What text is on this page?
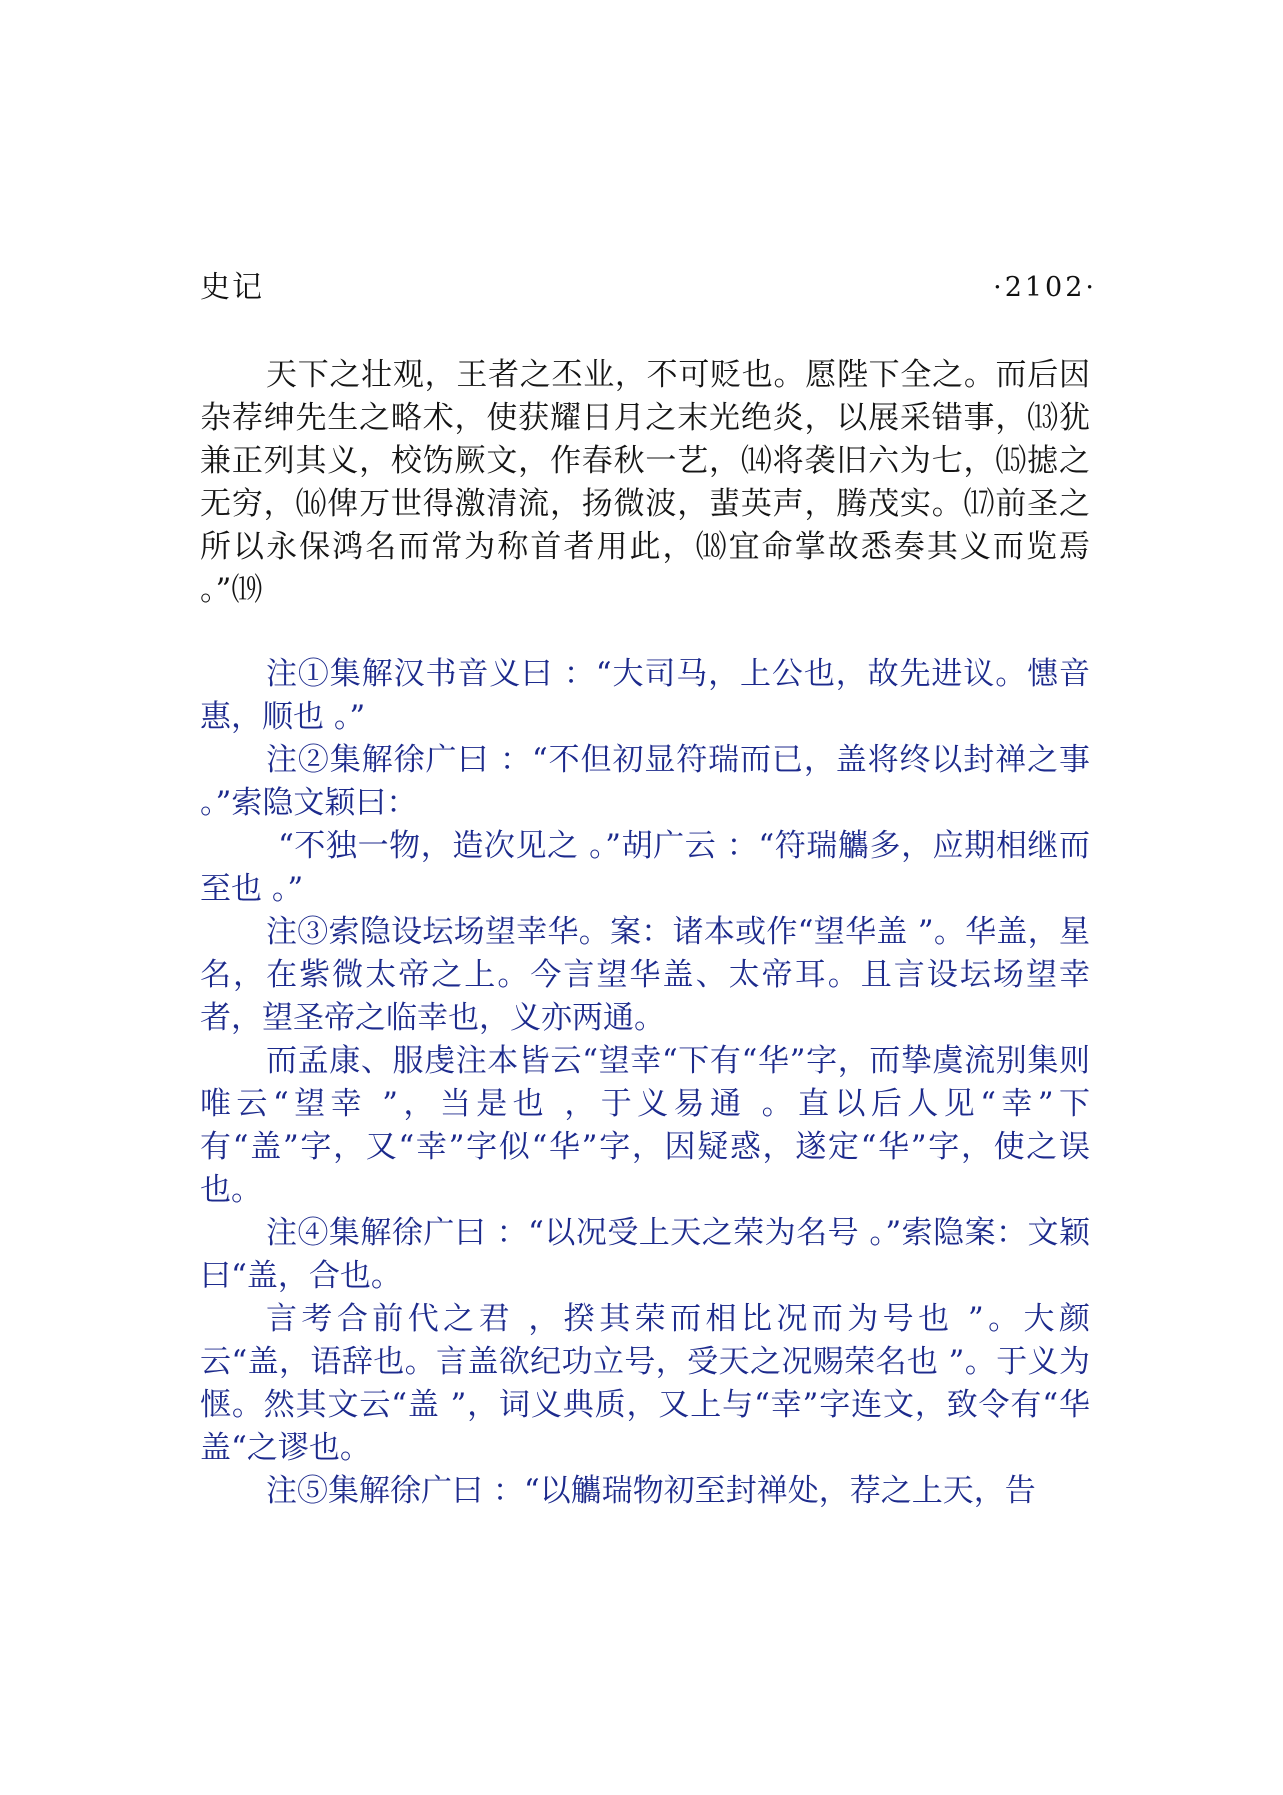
史记	·2102·

天下之壮观，王者之丕业，不可贬也。愿陛下全之。而后因杂荐绅先生之略术，使获耀日月之末光绝炎，以展采错事，⒀犹兼正列其义，校饬厥文，作春秋一艺，⒁将袭旧六为七，⒂摅之无穷，⒃俾万世得激清流，扬微波，蜚英声，腾茂实。⒄前圣之所以永保鸿名而常为称首者用此，⒅宜命掌故悉奏其义而览焉 。”⒆

注①集解汉书音义曰 ：“大司马，上公也，故先进议。憓音惠，顺也 。”

注②集解徐广曰 ：“不但初显符瑞而已，盖将终以封禅之事 。”索隐文颖曰：

“不独一物，造次见之 。”胡广云 ：“符瑞觿多，应期相继而至也 。”

注③索隐设坛场望幸华。案：诸本或作“望华盖 ”。华盖，星名，在紫微太帝之上。今言望华盖、太帝耳。且言设坛场望幸者，望圣帝之临幸也，义亦两通。

而孟康、服虔注本皆云“望幸“下有“华”字，而挚虞流别集则唯云“望幸 ”，当是也 ，于义易通 。直以后人见“幸”下有“盖”字，又“幸”字似“华”字，因疑惑，遂定“华”字，使之误也。

注④集解徐广曰 ：“以况受上天之荣为名号 。”索隐案：文颖曰“盖，合也。

言考合前代之君 ，揆其荣而相比况而为号也 ”。大颜云“盖，语辞也。言盖欲纪功立号，受天之况赐荣名也 ”。于义为惬。然其文云“盖 ”，词义典质，又上与“幸”字连文，致令有“华盖“之谬也。

注⑤集解徐广曰 ：“以觿瑞物初至封禅处，荐之上天，告
